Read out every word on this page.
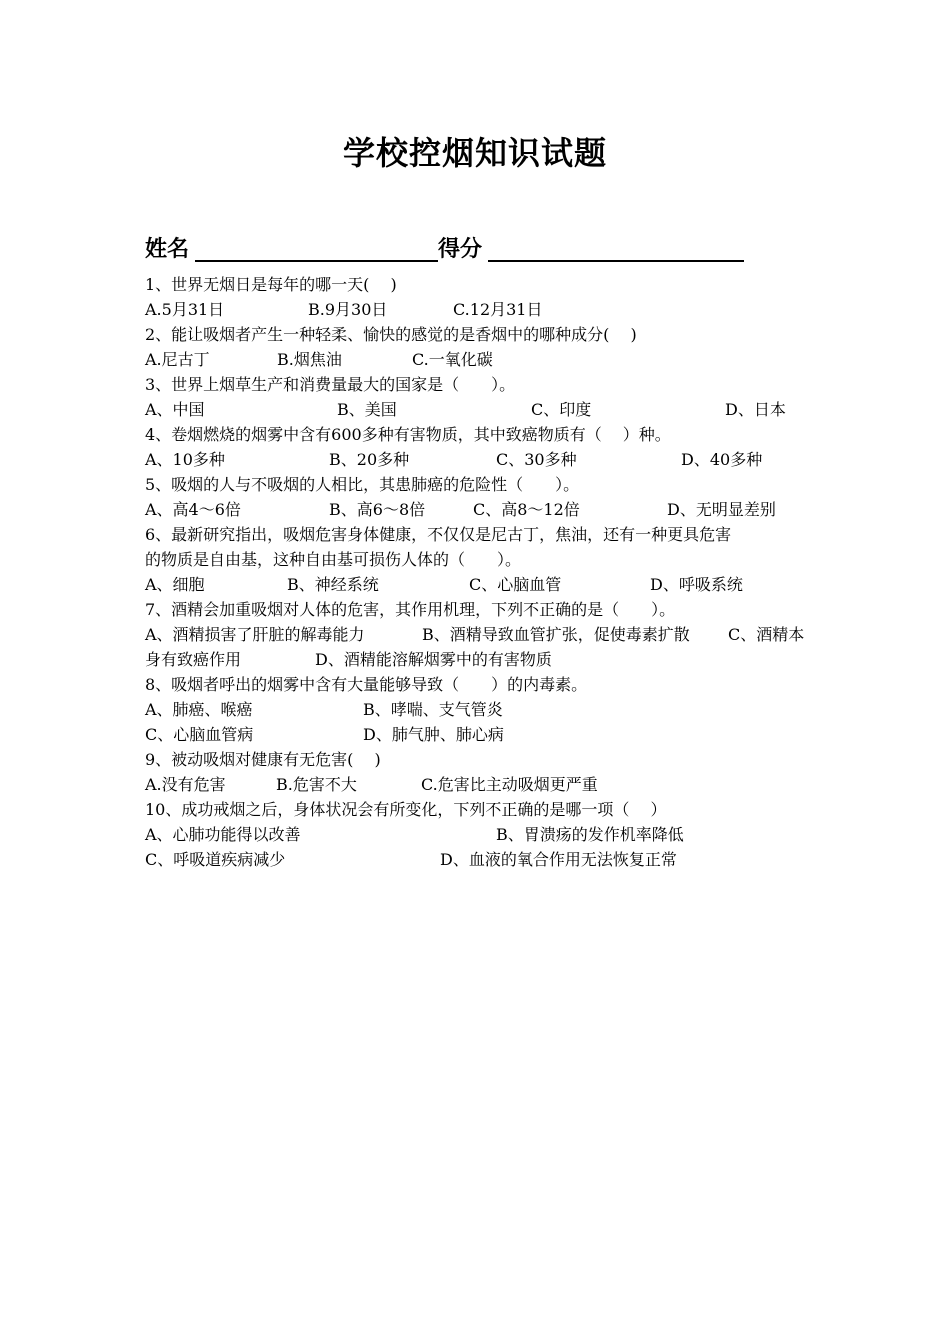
学校控烟知识试题
姓名	得分
1、世界无烟日是每年的哪一天(　 )
A.5月31日	B.9月30日	C.12月31日
2、能让吸烟者产生一种轻柔、愉快的感觉的是香烟中的哪种成分(　 )
A.尼古丁	B.烟焦油	C.一氧化碳
3、世界上烟草生产和消费量最大的国家是（　　）。
A、中国	B、美国	C、印度	D、日本
4、卷烟燃烧的烟雾中含有600多种有害物质，其中致癌物质有（　 ）种。
A、10多种	B、20多种	C、30多种	D、40多种
5、吸烟的人与不吸烟的人相比，其患肺癌的危险性（　　）。
A、高4～6倍	B、高6～8倍	C、高8～12倍	D、无明显差别
6、最新研究指出，吸烟危害身体健康，不仅仅是尼古丁，焦油，还有一种更具危害
的物质是自由基，这种自由基可损伤人体的（　　）。
A、细胞	B、神经系统	C、心脑血管	D、呼吸系统
7、酒精会加重吸烟对人体的危害，其作用机理，下列不正确的是（　　）。
A、酒精损害了肝脏的解毒能力	B、酒精导致血管扩张，促使毒素扩散 C、酒精本
身有致癌作用	D、酒精能溶解烟雾中的有害物质
8、吸烟者呼出的烟雾中含有大量能够导致（　　）的内毒素。
A、肺癌、喉癌	B、哮喘、支气管炎
C、心脑血管病	D、肺气肿、肺心病
9、被动吸烟对健康有无危害(　 )
A.没有危害	B.危害不大	C.危害比主动吸烟更严重
10、成功戒烟之后，身体状况会有所变化，下列不正确的是哪一项（　 ）
A、心肺功能得以改善	B、胃溃疡的发作机率降低
C、呼吸道疾病减少	D、血液的氧合作用无法恢复正常
